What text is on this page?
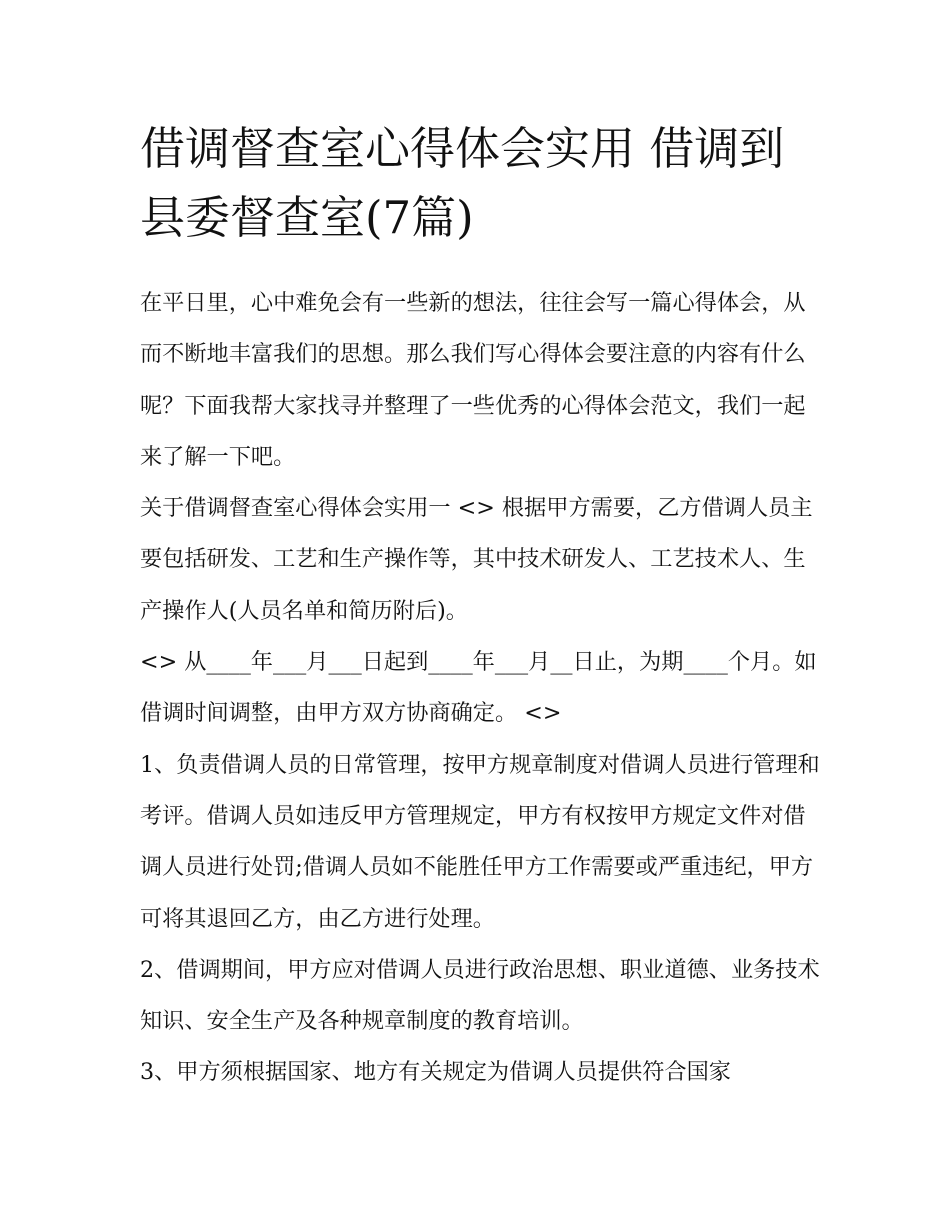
借调督查室心得体会实用 借调到县委督查室(7篇)

在平日里，心中难免会有一些新的想法，往往会写一篇心得体会，从而不断地丰富我们的思想。那么我们写心得体会要注意的内容有什么呢？下面我帮大家找寻并整理了一些优秀的心得体会范文，我们一起来了解一下吧。

关于借调督查室心得体会实用一 <> 根据甲方需要，乙方借调人员主要包括研发、工艺和生产操作等，其中技术研发人、工艺技术人、生产操作人(人员名单和简历附后)。

<> 从____年___月___日起到____年___月__日止，为期____个月。如借调时间调整，由甲方双方协商确定。 <>

1、负责借调人员的日常管理，按甲方规章制度对借调人员进行管理和考评。借调人员如违反甲方管理规定，甲方有权按甲方规定文件对借调人员进行处罚;借调人员如不能胜任甲方工作需要或严重违纪，甲方可将其退回乙方，由乙方进行处理。

2、借调期间，甲方应对借调人员进行政治思想、职业道德、业务技术知识、安全生产及各种规章制度的教育培训。

3、甲方须根据国家、地方有关规定为借调人员提供符合国家
